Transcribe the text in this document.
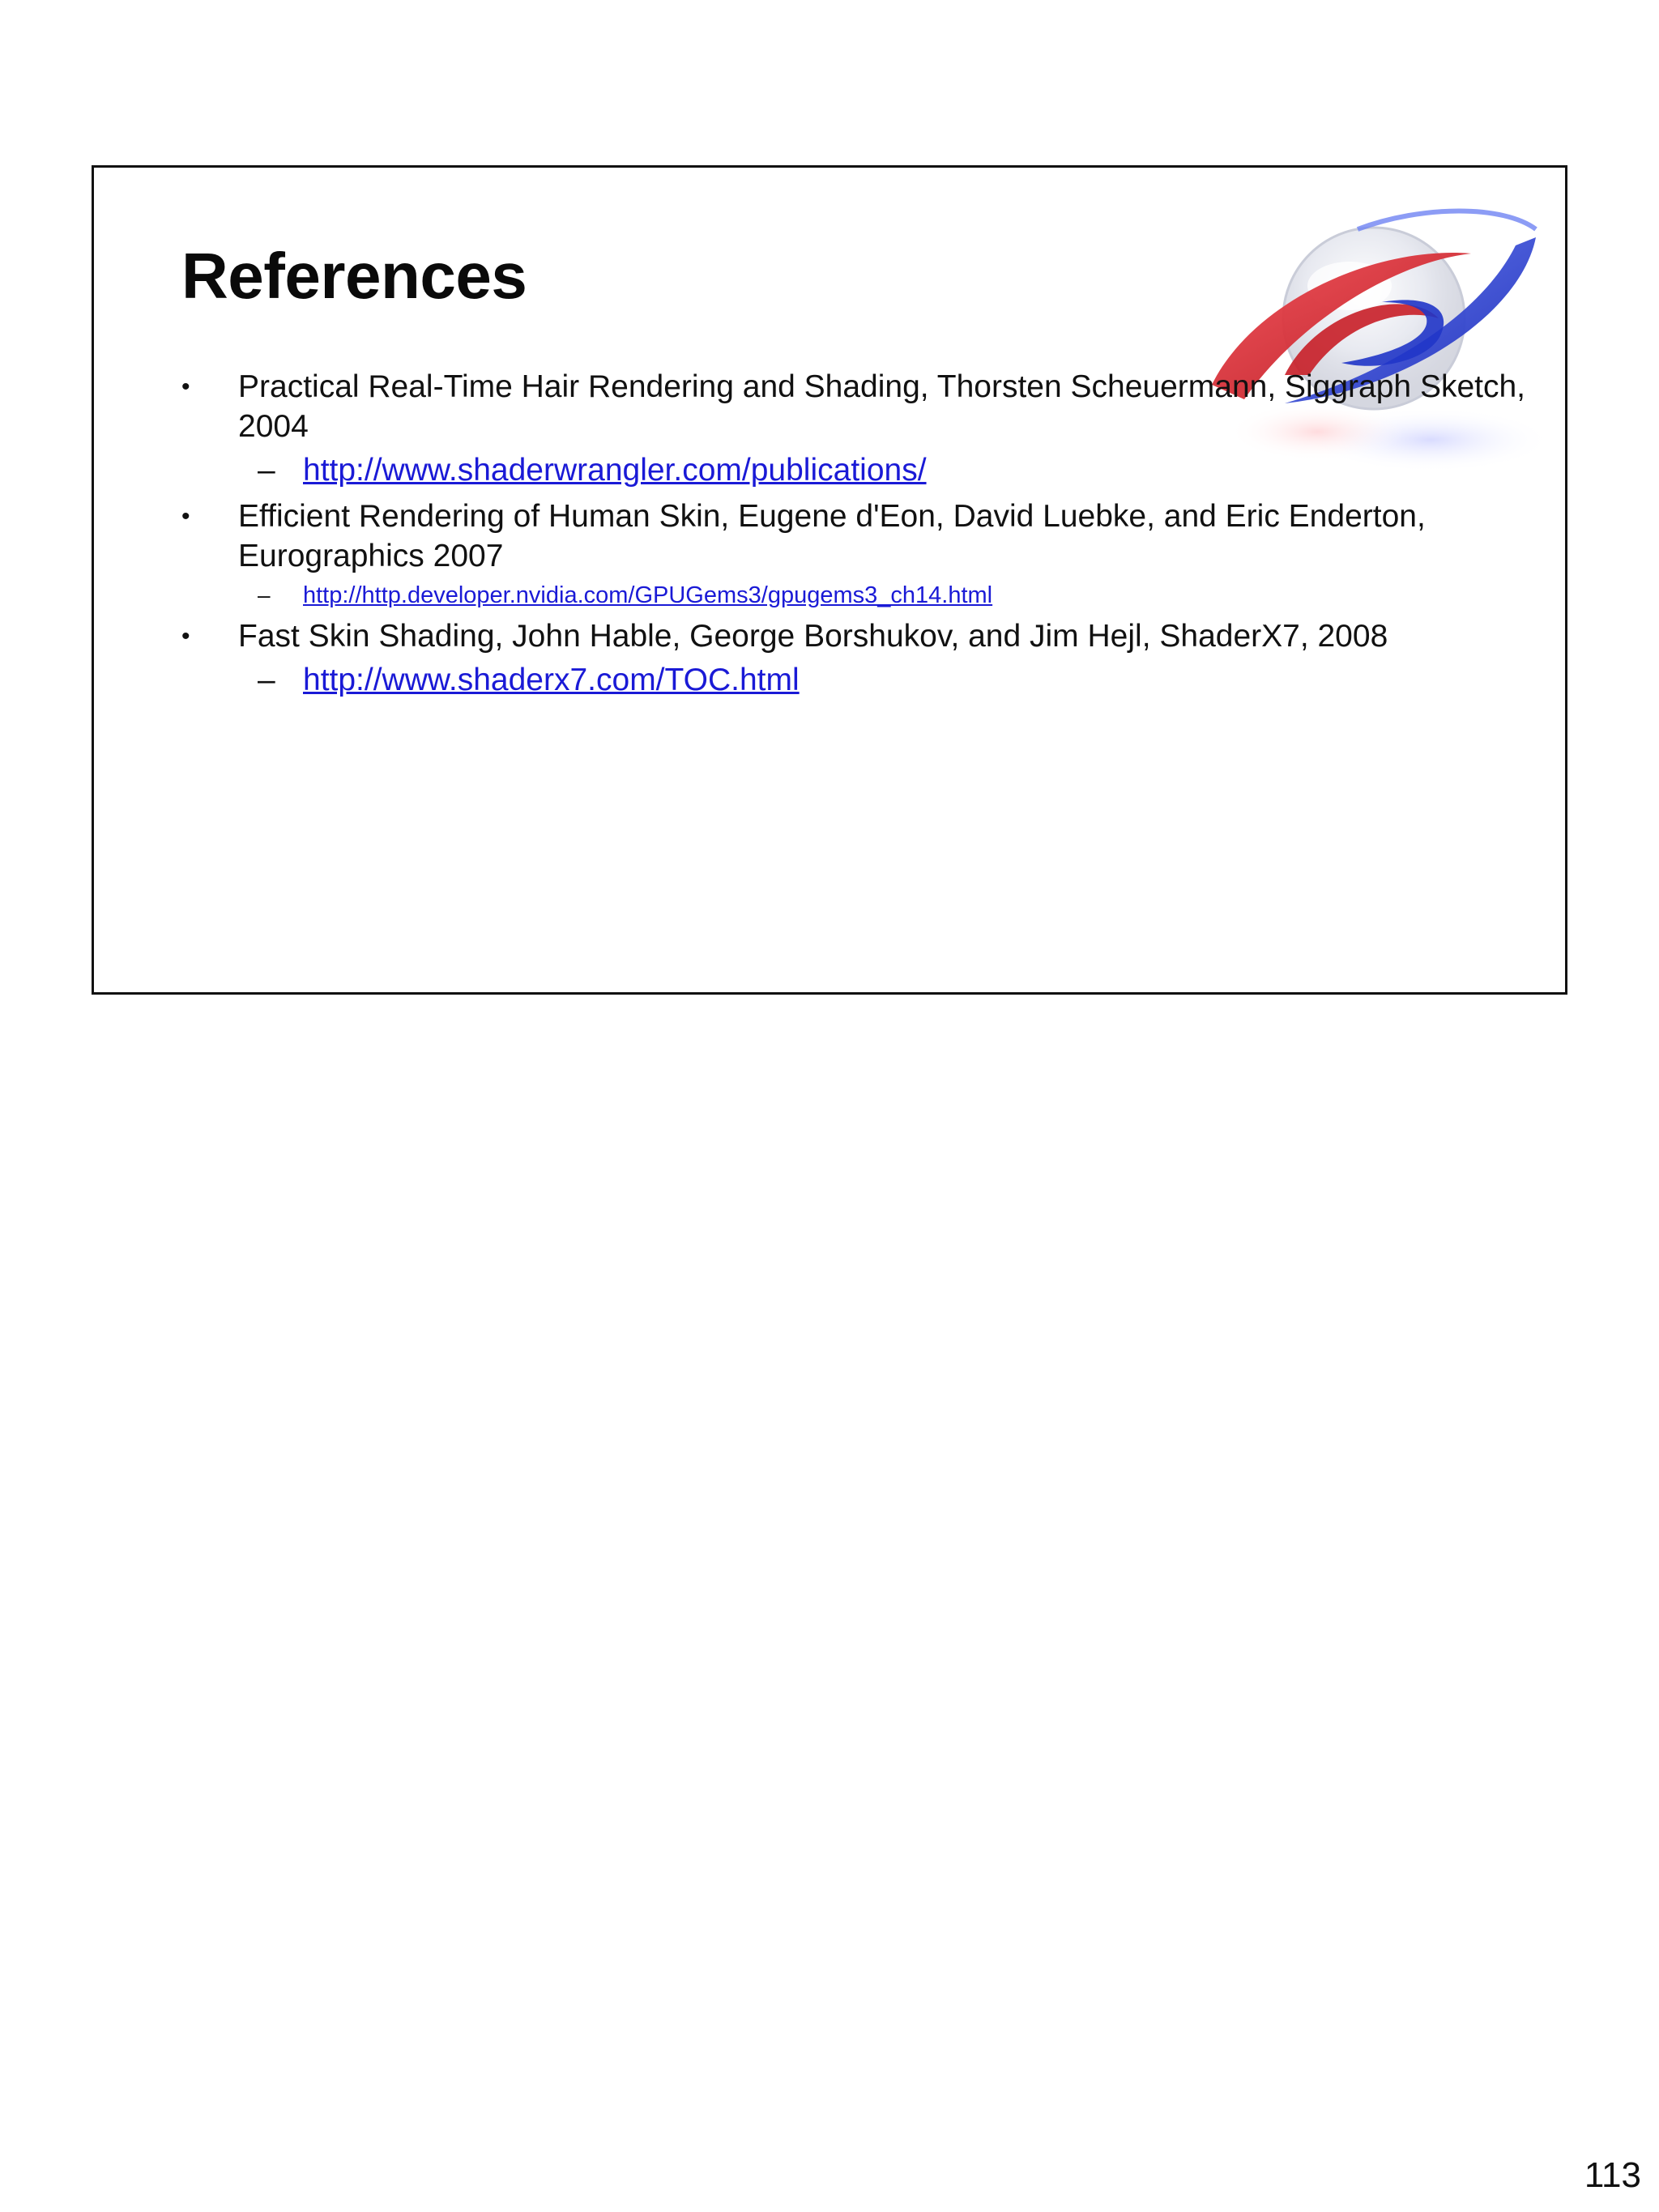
References
• Practical Real-Time Hair Rendering and Shading, Thorsten Scheuermann, Siggraph Sketch, 2004
– http://www.shaderwrangler.com/publications/
• Efficient Rendering of Human Skin, Eugene d'Eon, David Luebke, and Eric Enderton, Eurographics 2007
– http://http.developer.nvidia.com/GPUGems3/gpugems3_ch14.html
• Fast Skin Shading, John Hable, George Borshukov, and Jim Hejl, ShaderX7, 2008
– http://www.shaderx7.com/TOC.html
113
